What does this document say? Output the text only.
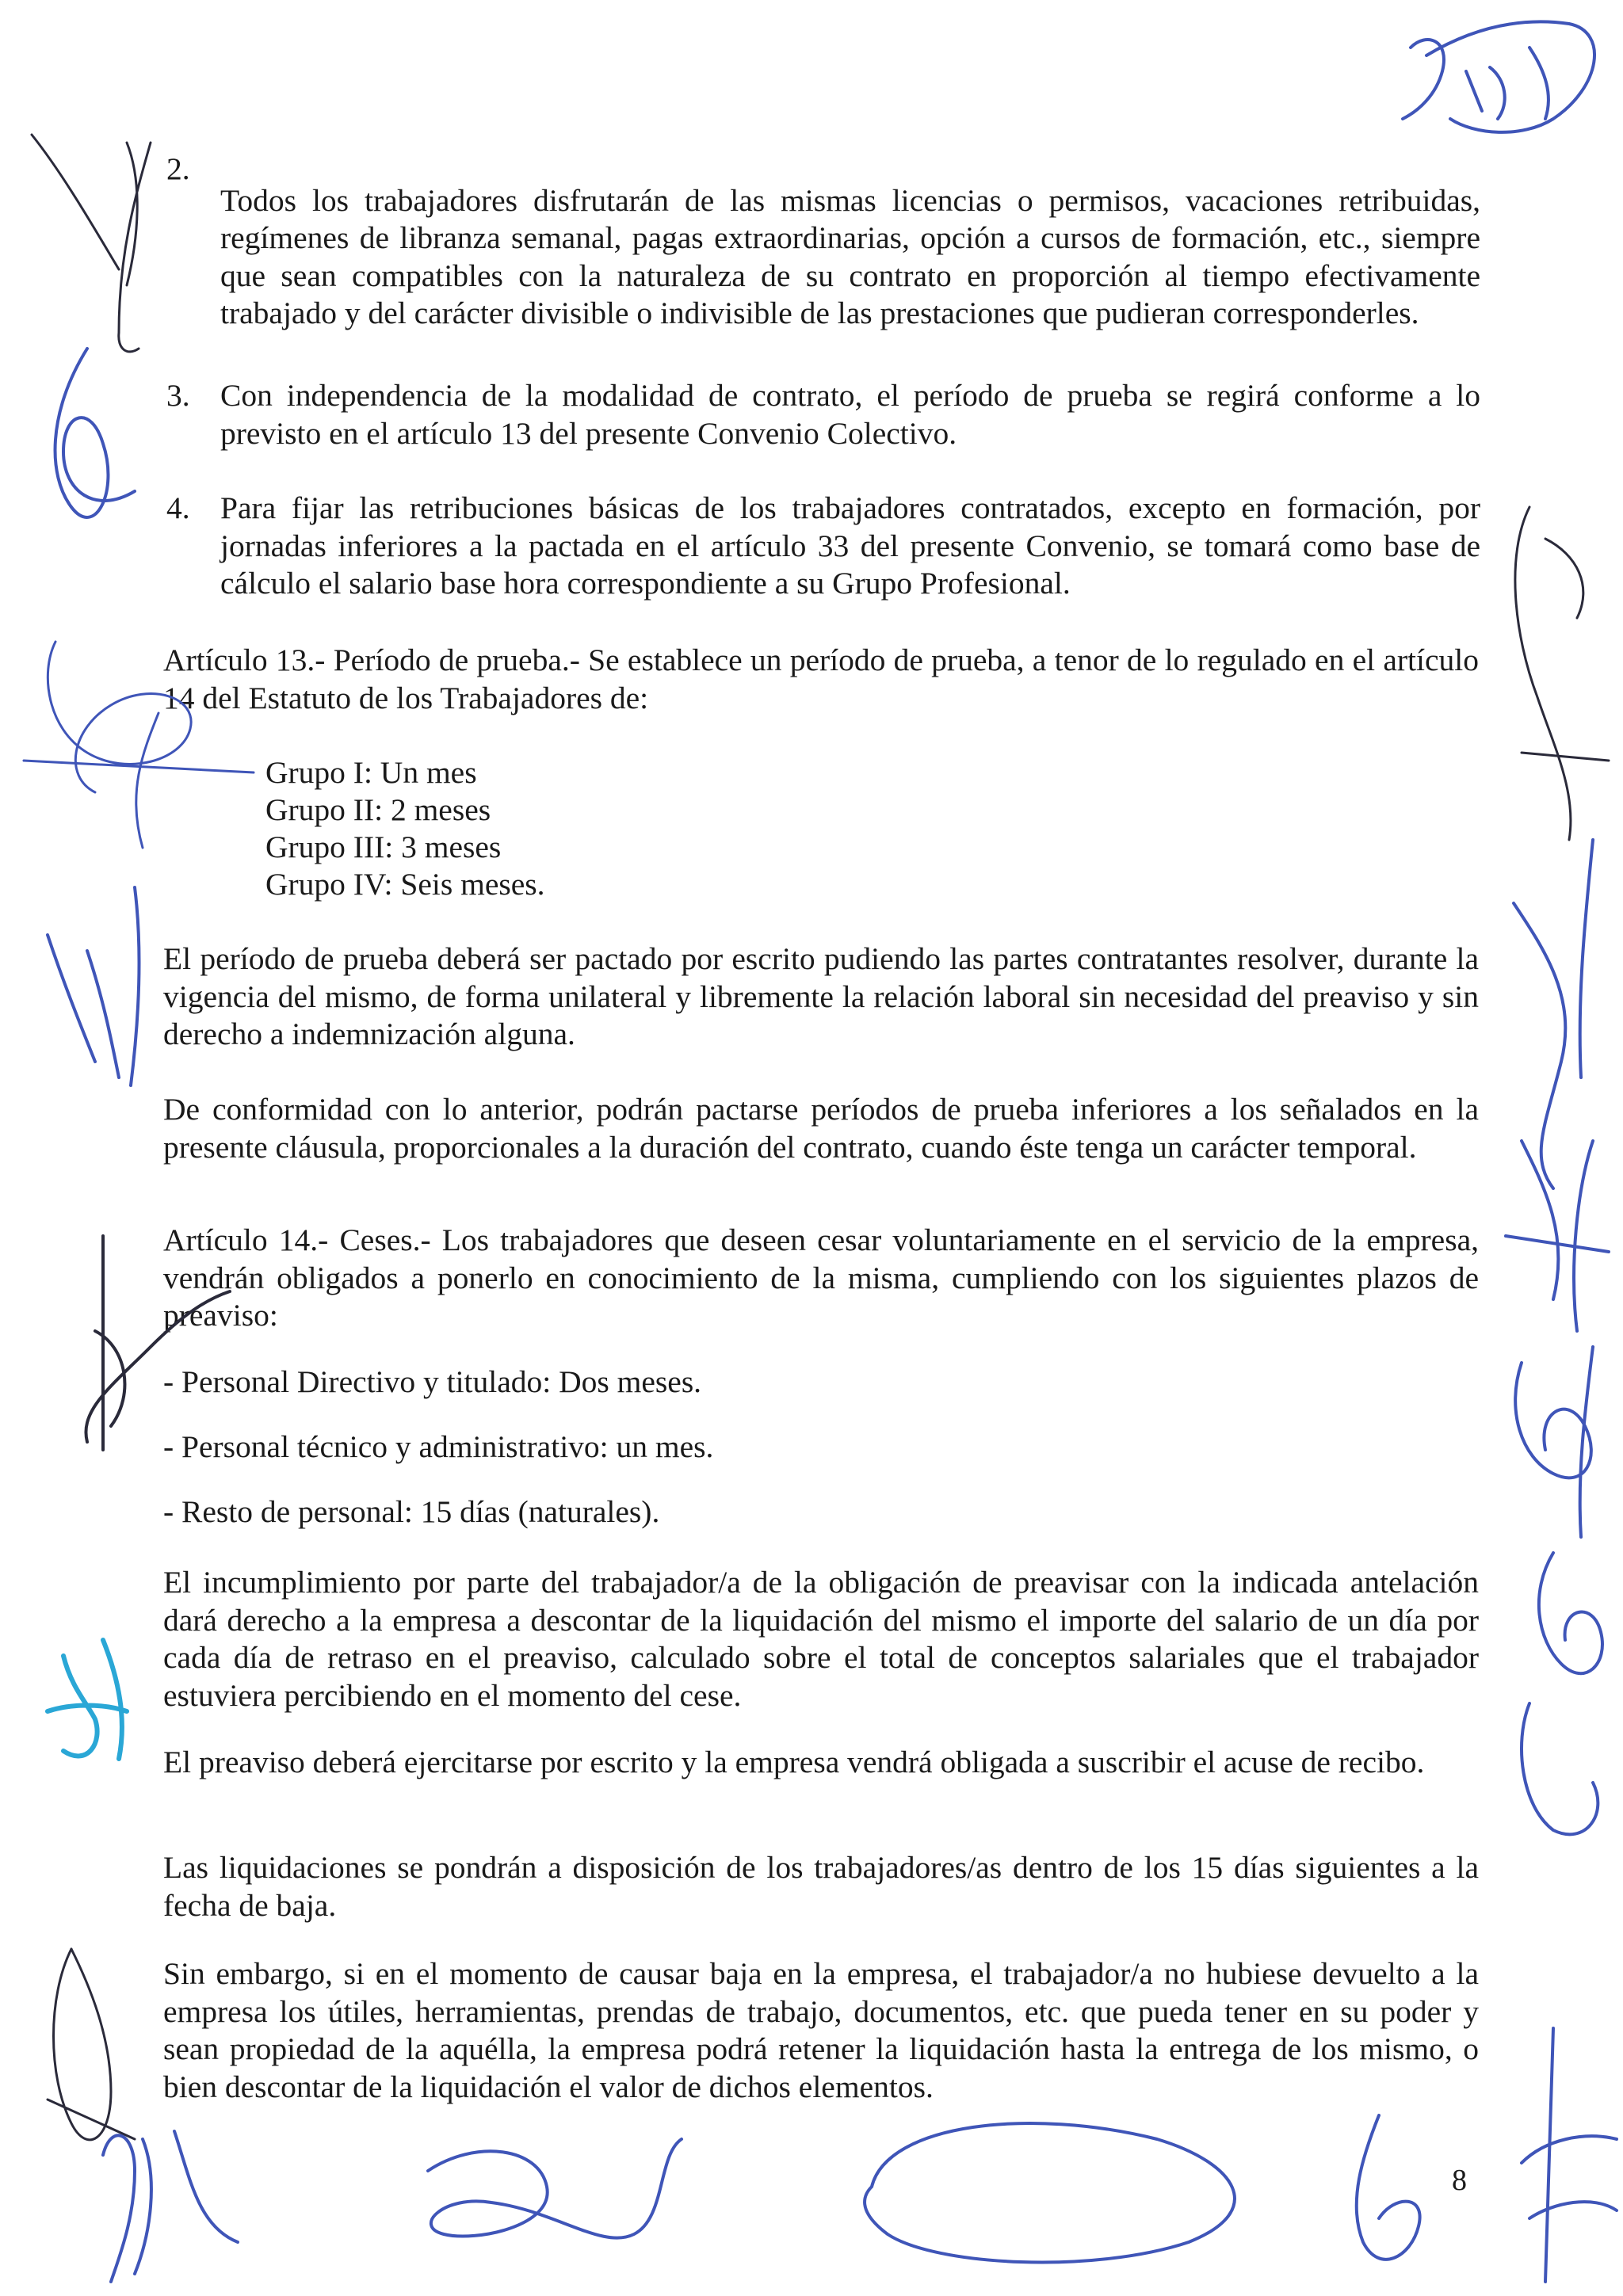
2.

Todos los trabajadores disfrutarán de las mismas licencias o permisos, vacaciones retribuidas, regímenes de libranza semanal, pagas extraordinarias, opción a cursos de formación, etc., siempre que sean compatibles con la naturaleza de su contrato en proporción al tiempo efectivamente trabajado y del carácter divisible o indivisible de las prestaciones que pudieran corresponderles.

3. Con independencia de la modalidad de contrato, el período de prueba se regirá conforme a lo previsto en el artículo 13 del presente Convenio Colectivo.

4. Para fijar las retribuciones básicas de los trabajadores contratados, excepto en formación, por jornadas inferiores a la pactada en el artículo 33 del presente Convenio, se tomará como base de cálculo el salario base hora correspondiente a su Grupo Profesional.

Artículo 13.- Período de prueba.- Se establece un período de prueba, a tenor de lo regulado en el artículo 14 del Estatuto de los Trabajadores de:

Grupo I: Un mes
Grupo II: 2 meses
Grupo III: 3 meses
Grupo IV: Seis meses.

El período de prueba deberá ser pactado por escrito pudiendo las partes contratantes resolver, durante la vigencia del mismo, de forma unilateral y libremente la relación laboral sin necesidad del preaviso y sin derecho a indemnización alguna.

De conformidad con lo anterior, podrán pactarse períodos de prueba inferiores a los señalados en la presente cláusula, proporcionales a la duración del contrato, cuando éste tenga un carácter temporal.

Artículo 14.- Ceses.- Los trabajadores que deseen cesar voluntariamente en el servicio de la empresa, vendrán obligados a ponerlo en conocimiento de la misma, cumpliendo con los siguientes plazos de preaviso:

- Personal Directivo y titulado: Dos meses.
- Personal técnico y administrativo: un mes.
- Resto de personal: 15 días (naturales).

El incumplimiento por parte del trabajador/a de la obligación de preavisar con la indicada antelación dará derecho a la empresa a descontar de la liquidación del mismo el importe del salario de un día por cada día de retraso en el preaviso, calculado sobre el total de conceptos salariales que el trabajador estuviera percibiendo en el momento del cese.

El preaviso deberá ejercitarse por escrito y la empresa vendrá obligada a suscribir el acuse de recibo.

Las liquidaciones se pondrán a disposición de los trabajadores/as dentro de los 15 días siguientes a la fecha de baja.

Sin embargo, si en el momento de causar baja en la empresa, el trabajador/a no hubiese devuelto a la empresa los útiles, herramientas, prendas de trabajo, documentos, etc. que pueda tener en su poder y sean propiedad de la aquélla, la empresa podrá retener la liquidación hasta la entrega de los mismo, o bien descontar de la liquidación el valor de dichos elementos.

8
